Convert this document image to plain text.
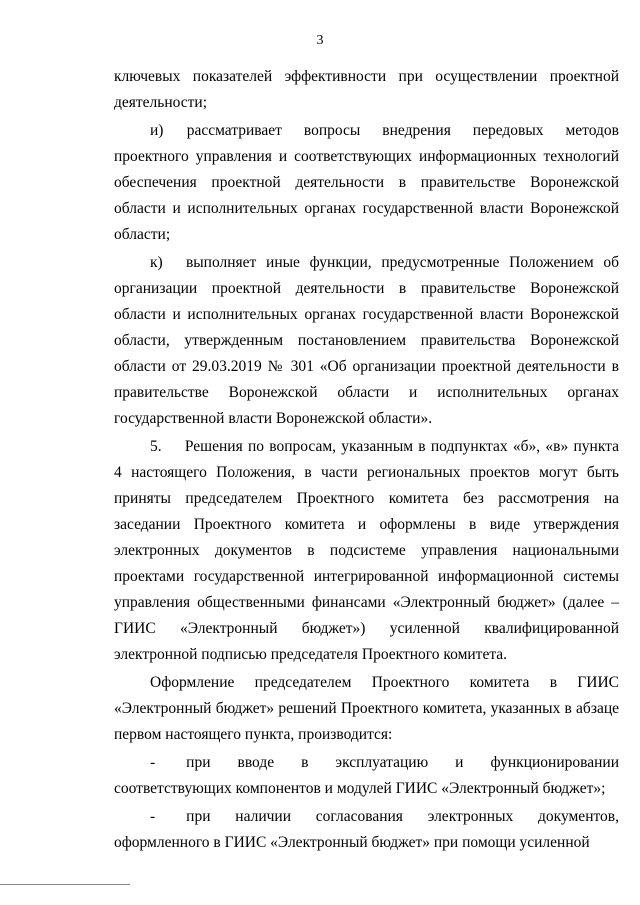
3

ключевых показателей эффективности при осуществлении проектной деятельности;

и)  рассматривает вопросы внедрения передовых методов проектного управления и соответствующих информационных технологий обеспечения проектной деятельности в правительстве Воронежской области и исполнительных органах государственной власти Воронежской области;

к)  выполняет иные функции, предусмотренные Положением об организации проектной деятельности в правительстве Воронежской области и исполнительных органах государственной власти Воронежской области, утвержденным постановлением правительства Воронежской области от 29.03.2019 № 301 «Об организации проектной деятельности в правительстве Воронежской области и исполнительных органах государственной власти Воронежской области».

5.  Решения по вопросам, указанным в подпунктах «б», «в» пункта 4 настоящего Положения, в части региональных проектов могут быть приняты председателем Проектного комитета без рассмотрения на заседании Проектного комитета и оформлены в виде утверждения электронных документов в подсистеме управления национальными проектами государственной интегрированной информационной системы управления общественными финансами «Электронный бюджет» (далее – ГИИС «Электронный бюджет») усиленной квалифицированной электронной подписью председателя Проектного комитета.

Оформление председателем Проектного комитета в ГИИС «Электронный бюджет» решений Проектного комитета, указанных в абзаце первом настоящего пункта, производится:

-  при вводе в эксплуатацию и функционировании соответствующих компонентов и модулей ГИИС «Электронный бюджет»;

-  при наличии согласования электронных документов, оформленного в ГИИС «Электронный бюджет» при помощи усиленной
